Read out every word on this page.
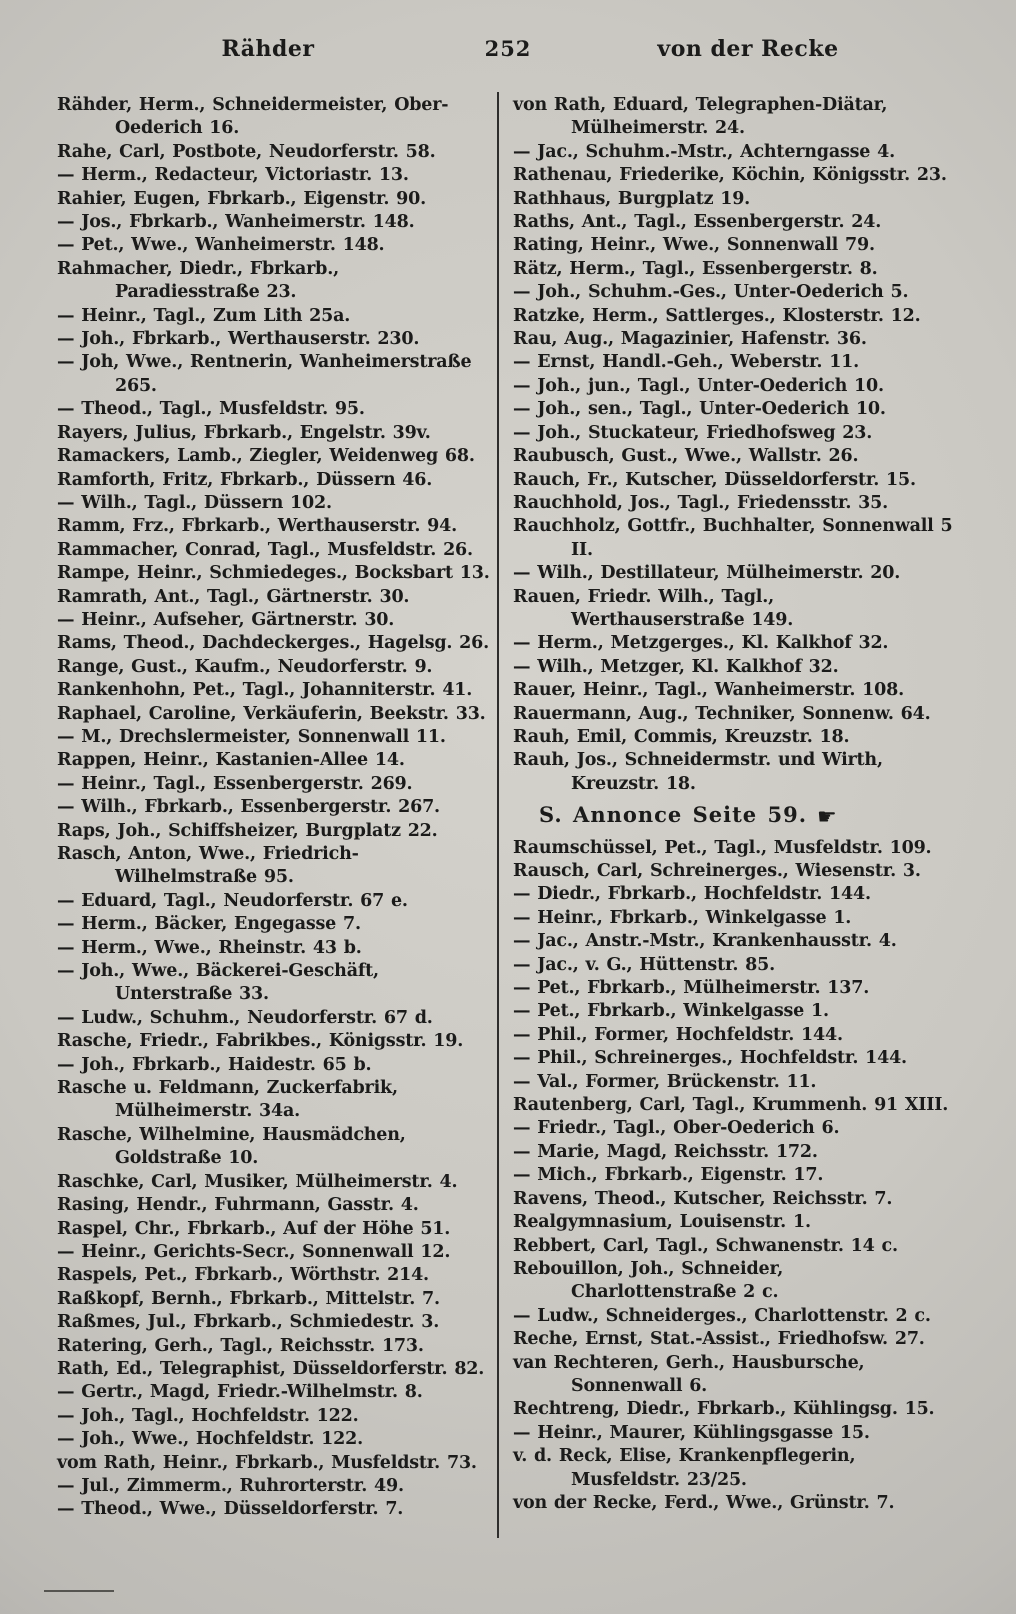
Rähder	252	von der Recke
Rähder, Herm., Schneidermeister, Ober-Oederich 16.
Rahe, Carl, Postbote, Neudorferstr. 58.
— Herm., Redacteur, Victoriastr. 13.
Rahier, Eugen, Fbrkarb., Eigenstr. 90.
— Jos., Fbrkarb., Wanheimerstr. 148.
— Pet., Wwe., Wanheimerstr. 148.
Rahmacher, Diedr., Fbrkarb., Paradiesstraße 23.
— Heinr., Tagl., Zum Lith 25a.
— Joh., Fbrkarb., Werthauserstr. 230.
— Joh, Wwe., Rentnerin, Wanheimerstraße 265.
— Theod., Tagl., Musfeldstr. 95.
Rayers, Julius, Fbrkarb., Engelstr. 39v.
Ramackers, Lamb., Ziegler, Weidenweg 68.
Ramforth, Fritz, Fbrkarb., Düssern 46.
— Wilh., Tagl., Düssern 102.
Ramm, Frz., Fbrkarb., Werthauserstr. 94.
Rammacher, Conrad, Tagl., Musfeldstr. 26.
Rampe, Heinr., Schmiedeges., Bocksbart 13.
Ramrath, Ant., Tagl., Gärtnerstr. 30.
— Heinr., Aufseher, Gärtnerstr. 30.
Rams, Theod., Dachdeckerges., Hagelsg. 26.
Range, Gust., Kaufm., Neudorferstr. 9.
Rankenhohn, Pet., Tagl., Johanniterstr. 41.
Raphael, Caroline, Verkäuferin, Beekstr. 33.
— M., Drechslermeister, Sonnenwall 11.
Rappen, Heinr., Kastanien-Allee 14.
— Heinr., Tagl., Essenbergerstr. 269.
— Wilh., Fbrkarb., Essenbergerstr. 267.
Raps, Joh., Schiffsheizer, Burgplatz 22.
Rasch, Anton, Wwe., Friedrich-Wilhelmstraße 95.
— Eduard, Tagl., Neudorferstr. 67 e.
— Herm., Bäcker, Engegasse 7.
— Herm., Wwe., Rheinstr. 43 b.
— Joh., Wwe., Bäckerei-Geschäft, Unterstraße 33.
— Ludw., Schuhm., Neudorferstr. 67 d.
Rasche, Friedr., Fabrikbes., Königsstr. 19.
— Joh., Fbrkarb., Haidestr. 65 b.
Rasche u. Feldmann, Zuckerfabrik, Mülheimerstr. 34a.
Rasche, Wilhelmine, Hausmädchen, Goldstraße 10.
Raschke, Carl, Musiker, Mülheimerstr. 4.
Rasing, Hendr., Fuhrmann, Gasstr. 4.
Raspel, Chr., Fbrkarb., Auf der Höhe 51.
— Heinr., Gerichts-Secr., Sonnenwall 12.
Raspels, Pet., Fbrkarb., Wörthstr. 214.
Raßkopf, Bernh., Fbrkarb., Mittelstr. 7.
Raßmes, Jul., Fbrkarb., Schmiedestr. 3.
Ratering, Gerh., Tagl., Reichsstr. 173.
Rath, Ed., Telegraphist, Düsseldorferstr. 82.
— Gertr., Magd, Friedr.-Wilhelmstr. 8.
— Joh., Tagl., Hochfeldstr. 122.
— Joh., Wwe., Hochfeldstr. 122.
vom Rath, Heinr., Fbrkarb., Musfeldstr. 73.
— Jul., Zimmerm., Ruhrorterstr. 49.
— Theod., Wwe., Düsseldorferstr. 7.
von Rath, Eduard, Telegraphen-Diätar, Mülheimerstr. 24.
— Jac., Schuhm.-Mstr., Achterngasse 4.
Rathenau, Friederike, Köchin, Königsstr. 23.
Rathhaus, Burgplatz 19.
Raths, Ant., Tagl., Essenbergerstr. 24.
Rating, Heinr., Wwe., Sonnenwall 79.
Rätz, Herm., Tagl., Essenbergerstr. 8.
— Joh., Schuhm.-Ges., Unter-Oederich 5.
Ratzke, Herm., Sattlerges., Klosterstr. 12.
Rau, Aug., Magazinier, Hafenstr. 36.
— Ernst, Handl.-Geh., Weberstr. 11.
— Joh., jun., Tagl., Unter-Oederich 10.
— Joh., sen., Tagl., Unter-Oederich 10.
— Joh., Stuckateur, Friedhofsweg 23.
Raubusch, Gust., Wwe., Wallstr. 26.
Rauch, Fr., Kutscher, Düsseldorferstr. 15.
Rauchhold, Jos., Tagl., Friedensstr. 35.
Rauchholz, Gottfr., Buchhalter, Sonnenwall 5 II.
— Wilh., Destillateur, Mülheimerstr. 20.
Rauen, Friedr. Wilh., Tagl., Werthauserstraße 149.
— Herm., Metzgerges., Kl. Kalkhof 32.
— Wilh., Metzger, Kl. Kalkhof 32.
Rauer, Heinr., Tagl., Wanheimerstr. 108.
Rauermann, Aug., Techniker, Sonnenw. 64.
Rauh, Emil, Commis, Kreuzstr. 18.
Rauh, Jos., Schneidermstr. und Wirth, Kreuzstr. 18.
S. Annonce Seite 59. ☛
Raumschüssel, Pet., Tagl., Musfeldstr. 109.
Rausch, Carl, Schreinerges., Wiesenstr. 3.
— Diedr., Fbrkarb., Hochfeldstr. 144.
— Heinr., Fbrkarb., Winkelgasse 1.
— Jac., Anstr.-Mstr., Krankenhausstr. 4.
— Jac., v. G., Hüttenstr. 85.
— Pet., Fbrkarb., Mülheimerstr. 137.
— Pet., Fbrkarb., Winkelgasse 1.
— Phil., Former, Hochfeldstr. 144.
— Phil., Schreinerges., Hochfeldstr. 144.
— Val., Former, Brückenstr. 11.
Rautenberg, Carl, Tagl., Krummenh. 91 XIII.
— Friedr., Tagl., Ober-Oederich 6.
— Marie, Magd, Reichsstr. 172.
— Mich., Fbrkarb., Eigenstr. 17.
Ravens, Theod., Kutscher, Reichsstr. 7.
Realgymnasium, Louisenstr. 1.
Rebbert, Carl, Tagl., Schwanenstr. 14 c.
Rebouillon, Joh., Schneider, Charlottenstraße 2 c.
— Ludw., Schneiderges., Charlottenstr. 2 c.
Reche, Ernst, Stat.-Assist., Friedhofsw. 27.
van Rechteren, Gerh., Hausbursche, Sonnenwall 6.
Rechtreng, Diedr., Fbrkarb., Kühlingsg. 15.
— Heinr., Maurer, Kühlingsgasse 15.
v. d. Reck, Elise, Krankenpflegerin, Musfeldstr. 23/25.
von der Recke, Ferd., Wwe., Grünstr. 7.
